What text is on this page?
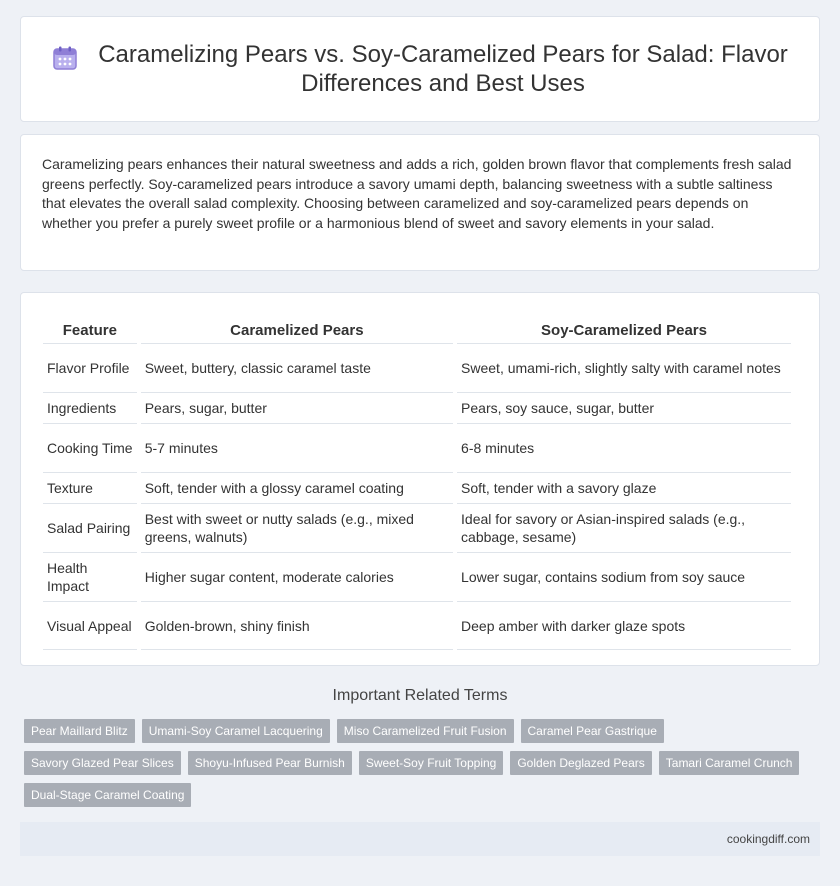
Caramelizing Pears vs. Soy-Caramelized Pears for Salad: Flavor Differences and Best Uses

Caramelizing pears enhances their natural sweetness and adds a rich, golden brown flavor that complements fresh salad greens perfectly. Soy-caramelized pears introduce a savory umami depth, balancing sweetness with a subtle saltiness that elevates the overall salad complexity. Choosing between caramelized and soy-caramelized pears depends on whether you prefer a purely sweet profile or a harmonious blend of sweet and savory elements in your salad.

Feature	Caramelized Pears	Soy-Caramelized Pears
Flavor Profile	Sweet, buttery, classic caramel taste	Sweet, umami-rich, slightly salty with caramel notes
Ingredients	Pears, sugar, butter	Pears, soy sauce, sugar, butter
Cooking Time	5-7 minutes	6-8 minutes
Texture	Soft, tender with a glossy caramel coating	Soft, tender with a savory glaze
Salad Pairing	Best with sweet or nutty salads (e.g., mixed greens, walnuts)	Ideal for savory or Asian-inspired salads (e.g., cabbage, sesame)
Health Impact	Higher sugar content, moderate calories	Lower sugar, contains sodium from soy sauce
Visual Appeal	Golden-brown, shiny finish	Deep amber with darker glaze spots
Important Related Terms
Pear Maillard Blitz	Umami-Soy Caramel Lacquering	Miso Caramelized Fruit Fusion	Caramel Pear Gastrique
Savory Glazed Pear Slices	Shoyu-Infused Pear Burnish	Sweet-Soy Fruit Topping	Golden Deglazed Pears	Tamari Caramel Crunch
Dual-Stage Caramel Coating
cookingdiff.com
